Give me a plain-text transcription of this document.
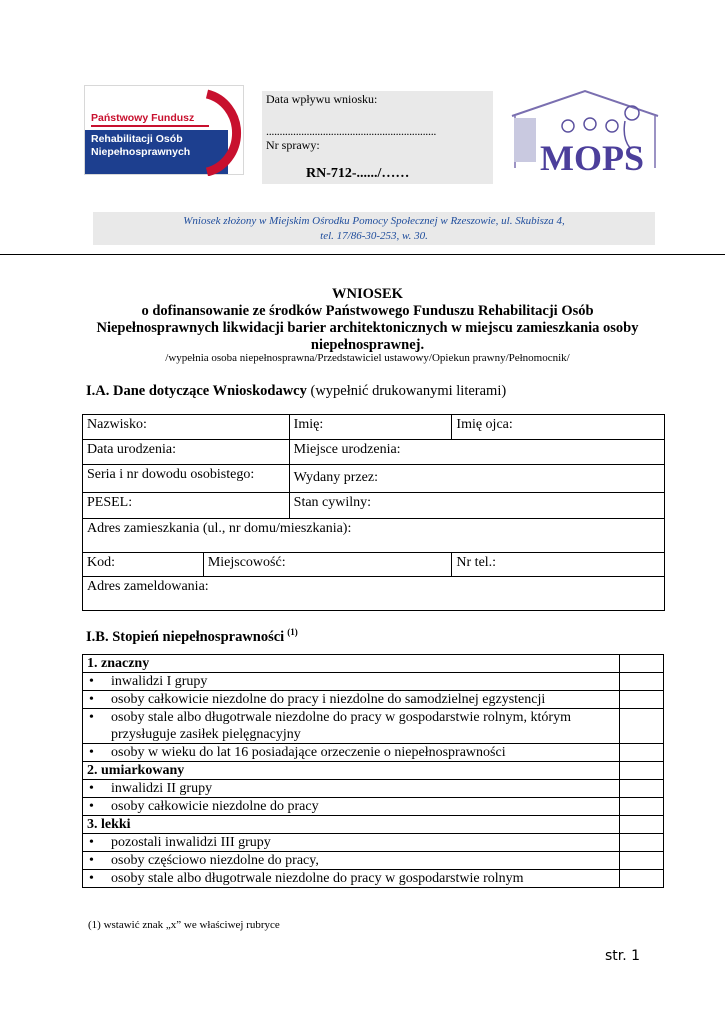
Państwowy Fundusz
Rehabilitacji Osób
Niepełnosprawnych
Data wpływu wniosku:
...............................................................
Nr sprawy:
RN-712-....../……	MOPS
Wniosek złożony w Miejskim Ośrodku Pomocy Społecznej w Rzeszowie, ul. Skubisza 4,
tel. 17/86-30-253, w. 30.
WNIOSEK
o dofinansowanie ze środków Państwowego Funduszu Rehabilitacji Osób
Niepełnosprawnych likwidacji barier architektonicznych w miejscu zamieszkania osoby
niepełnosprawnej.
/wypełnia osoba niepełnosprawna/Przedstawiciel ustawowy/Opiekun prawny/Pełnomocnik/
I.A. Dane dotyczące Wnioskodawcy (wypełnić drukowanymi literami)
Nazwisko:		Imię:	Imię ojca:
Data urodzenia:		Miejsce urodzenia:	
Seria i nr dowodu osobistego:		Wydany przez:	
PESEL:		Stan cywilny:	
Adres zamieszkania (ul., nr domu/mieszkania):			
Kod:	Miejscowość:		Nr tel.:
Adres zameldowania:			
I.B. Stopień niepełnosprawności $^{(1)}$
1. znaczny	
• inwalidzi I grupy	
• osoby całkowicie niezdolne do pracy i niezdolne do samodzielnej egzystencji	
• osoby stale albo długotrwale niezdolne do pracy w gospodarstwie rolnym, którym
przysługuje zasiłek pielęgnacyjny	

• osoby w wieku do lat 16 posiadające orzeczenie o niepełnosprawności	
2. umiarkowany	
• inwalidzi II grupy	
• osoby całkowicie niezdolne do pracy	
3. lekki	
• pozostali inwalidzi III grupy	
• osoby częściowo niezdolne do pracy,	
• osoby stale albo długotrwale niezdolne do pracy w gospodarstwie rolnym	
(1) wstawić znak „x” we właściwej rubryce
str. 1
